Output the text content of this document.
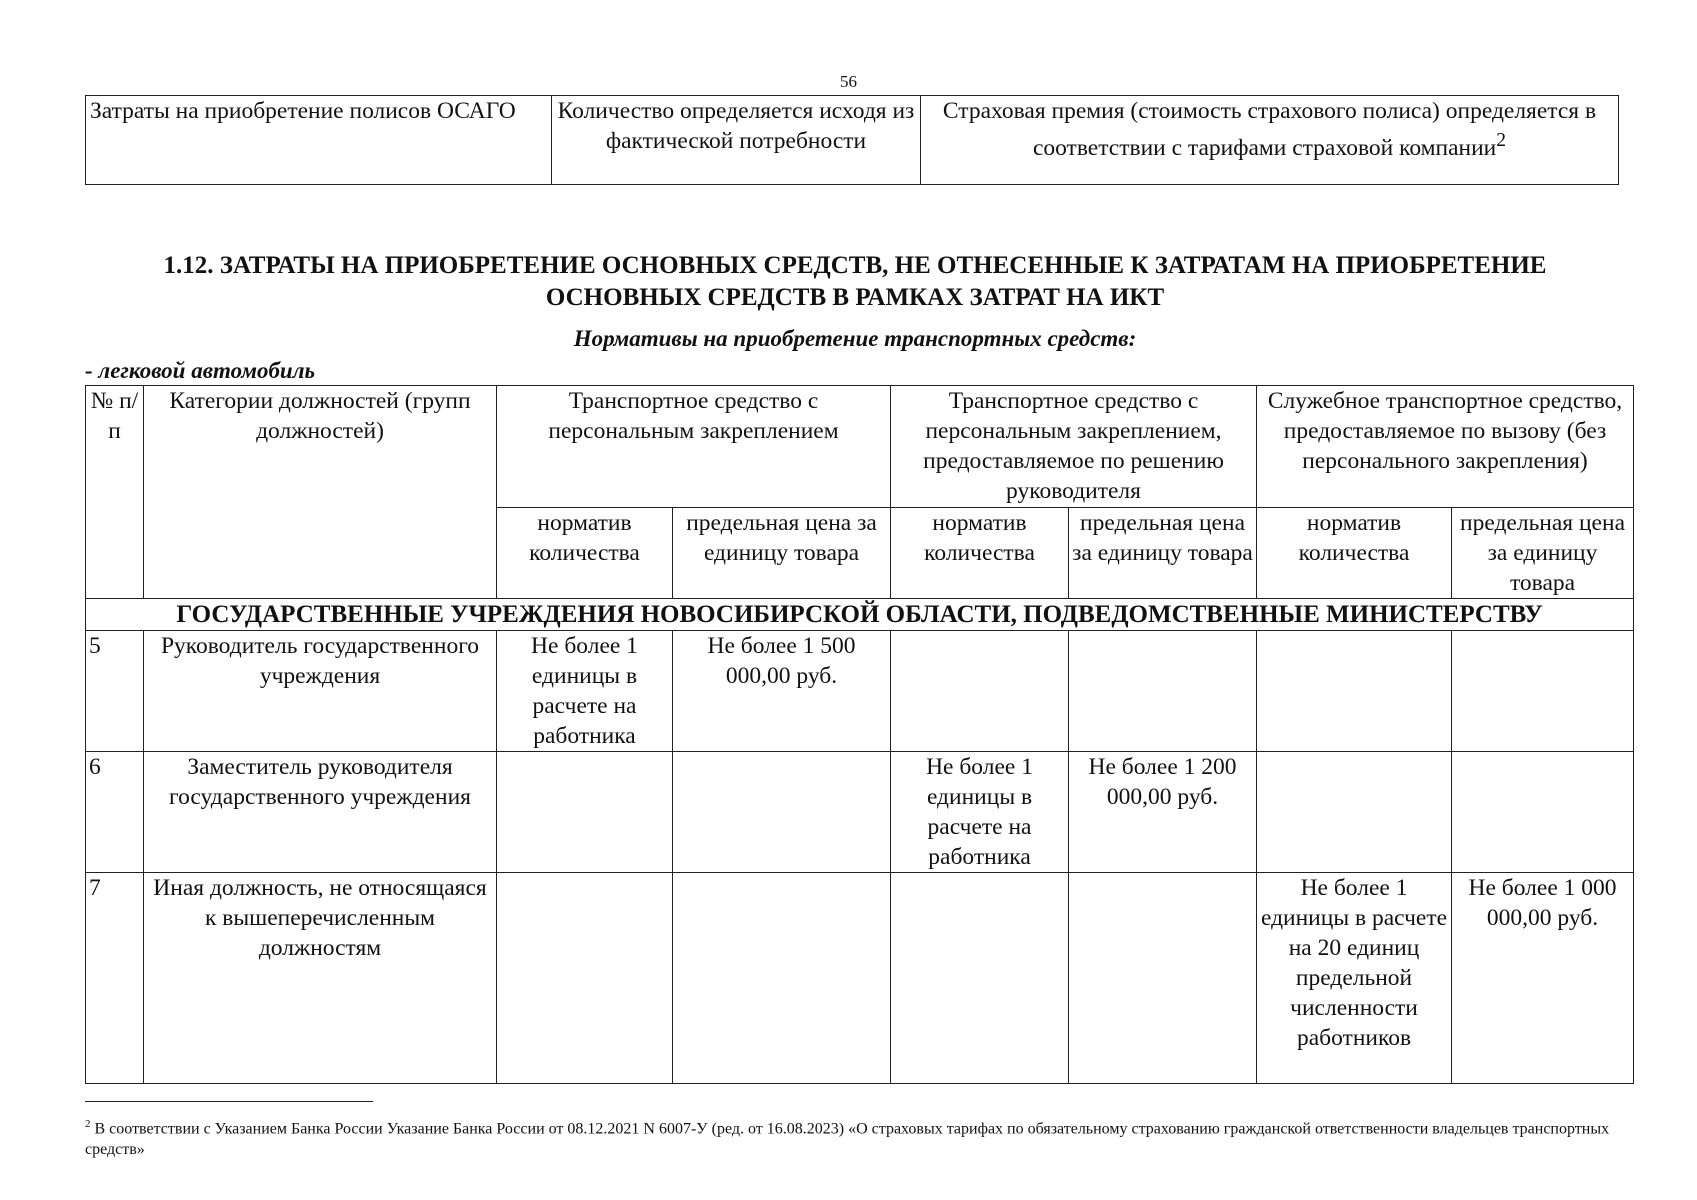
56
Затраты на приобретение полисов ОСАГО	Количество определяется исходя из фактической потребности	Страховая премия (стоимость страхового полиса) определяется в соответствии с тарифами страховой компании$^2$
1.12. ЗАТРАТЫ НА ПРИОБРЕТЕНИЕ ОСНОВНЫХ СРЕДСТВ, НЕ ОТНЕСЕННЫЕ К ЗАТРАТАМ НА ПРИОБРЕТЕНИЕ ОСНОВНЫХ СРЕДСТВ В РАМКАХ ЗАТРАТ НА ИКТ
Нормативы на приобретение транспортных средств:
- легковой автомобиль
№ п/п	Категории должностей (групп должностей)	Транспортное средство с персональным закреплением		Транспортное средство с персональным закреплением, предоставляемое по решению руководителя		Служебное транспортное средство, предоставляемое по вызову (без персонального закрепления)	
		норматив количества	предельная цена за единицу товара	норматив количества	предельная цена за единицу товара	норматив количества	предельная цена за единицу товара
ГОСУДАРСТВЕННЫЕ УЧРЕЖДЕНИЯ НОВОСИБИРСКОЙ ОБЛАСТИ, ПОДВЕДОМСТВЕННЫЕ МИНИСТЕРСТВУ							
5	Руководитель государственного учреждения	Не более 1 единицы в расчете на работника	Не более 1 500 000,00 руб.				
6	Заместитель руководителя государственного учреждения			Не более 1 единицы в расчете на работника	Не более 1 200 000,00 руб.		
7	Иная должность, не относящаяся к вышеперечисленным должностям					Не более 1 единицы в расчете на 20 единиц предельной численности работников	Не более 1 000 000,00 руб.
$^2$ В соответствии с Указанием Банка России Указание Банка России от 08.12.2021 N 6007-У (ред. от 16.08.2023) «О страховых тарифах по обязательному страхованию гражданской ответственности владельцев транспортных средств»
